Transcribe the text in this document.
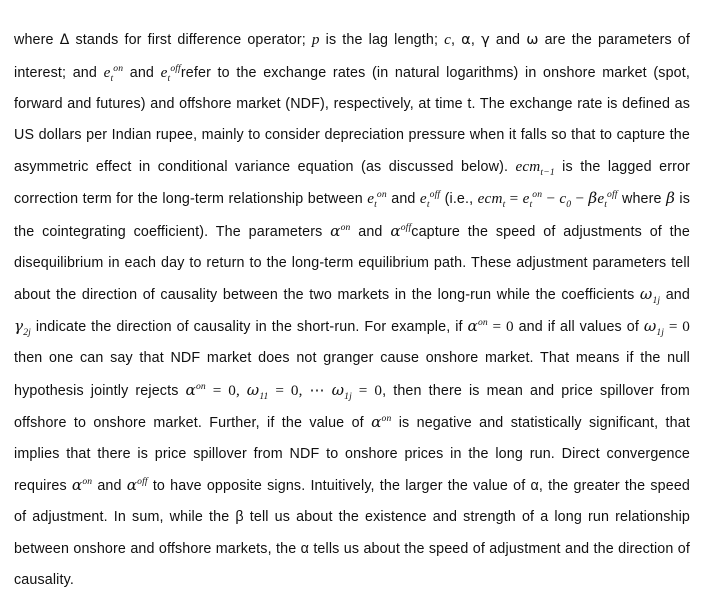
where Δ stands for first difference operator; p is the lag length; c, α, γ and ω are the parameters of interest; and $e_t^{on}$ and $e_t^{off}refer$ to the exchange rates (in natural logarithms) in onshore market (spot, forward and futures) and offshore market (NDF), respectively, at time t. The exchange rate is defined as US dollars per Indian rupee, mainly to consider depreciation pressure when it falls so that to capture the asymmetric effect in conditional variance equation (as discussed below). ecm$_{t-1}$ is the lagged error correction term for the long-term relationship between $e_t^{on}$ and $e_t^{off}$ (i.e., $ecm_t = e_t^{on} - c_0 - \beta e_t^{off}$ where β is the cointegrating coefficient). The parameters $\alpha^{on}$ and $\alpha^{off}capture$ the speed of adjustments of the disequilibrium in each day to return to the long-term equilibrium path. These adjustment parameters tell about the direction of causality between the two markets in the long-run while the coefficients $\omega_{1j}$ and $\gamma_{2j}$ indicate the direction of causality in the short-run. For example, if $\alpha^{on} = 0$ and if all values of $\omega_{1j} = 0$ then one can say that NDF market does not granger cause onshore market. That means if the null hypothesis jointly rejects $\alpha^{on} = 0$, $\omega_{11} = 0$, ⋯ $\omega_{1j} = 0$, then there is mean and price spillover from offshore to onshore market. Further, if the value of $\alpha^{on}$ is negative and statistically significant, that implies that there is price spillover from NDF to onshore prices in the long run. Direct convergence requires $\alpha^{on}$ and $\alpha^{off}$ to have opposite signs. Intuitively, the larger the value of α, the greater the speed of adjustment. In sum, while the β tell us about the existence and strength of a long run relationship between onshore and offshore markets, the α tells us about the speed of adjustment and the direction of causality.
